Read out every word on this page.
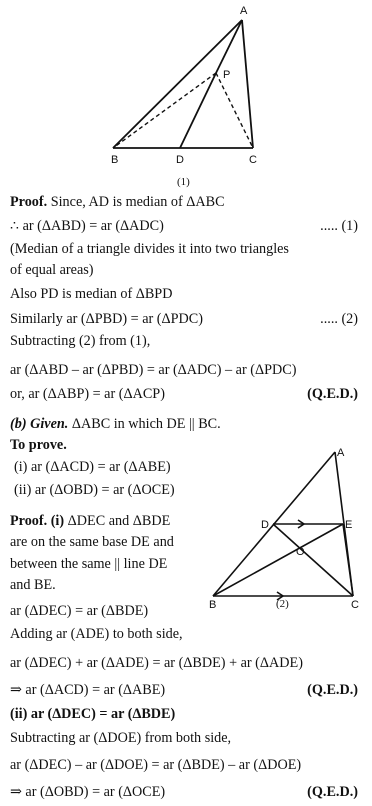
A
P
B	D	C
(1)
Proof. Since, AD is median of ΔABC
∴ ar (ΔABD) = ar (ΔADC)	..... (1)
(Median of a triangle divides it into two triangles
of equal areas)
Also PD is median of ΔBPD
Similarly ar (ΔPBD) = ar (ΔPDC)	..... (2)
Subtracting (2) from (1),
ar (ΔABD – ar (ΔPBD) = ar (ΔADC) – ar (ΔPDC)
or, ar (ΔABP) = ar (ΔACP)	(Q.E.D.)
(b) Given. ΔABC in which DE || BC.
To prove.
(i) ar (ΔACD) = ar (ΔABE)
(ii) ar (ΔOBD) = ar (ΔOCE)
Proof. (i) ΔDEC and ΔBDE
are on the same base DE and
between the same || line DE
and BE.
A
D	E
O
B	C
(2)
ar (ΔDEC) = ar (ΔBDE)
Adding ar (ADE) to both side,
ar (ΔDEC) + ar (ΔADE) = ar (ΔBDE) + ar (ΔADE)
⇒ ar (ΔACD) = ar (ΔABE)	(Q.E.D.)
(ii) ar (ΔDEC) = ar (ΔBDE)
Subtracting ar (ΔDOE) from both side,
ar (ΔDEC) – ar (ΔDOE) = ar (ΔBDE) – ar (ΔDOE)
⇒ ar (ΔOBD) = ar (ΔOCE)	(Q.E.D.)
